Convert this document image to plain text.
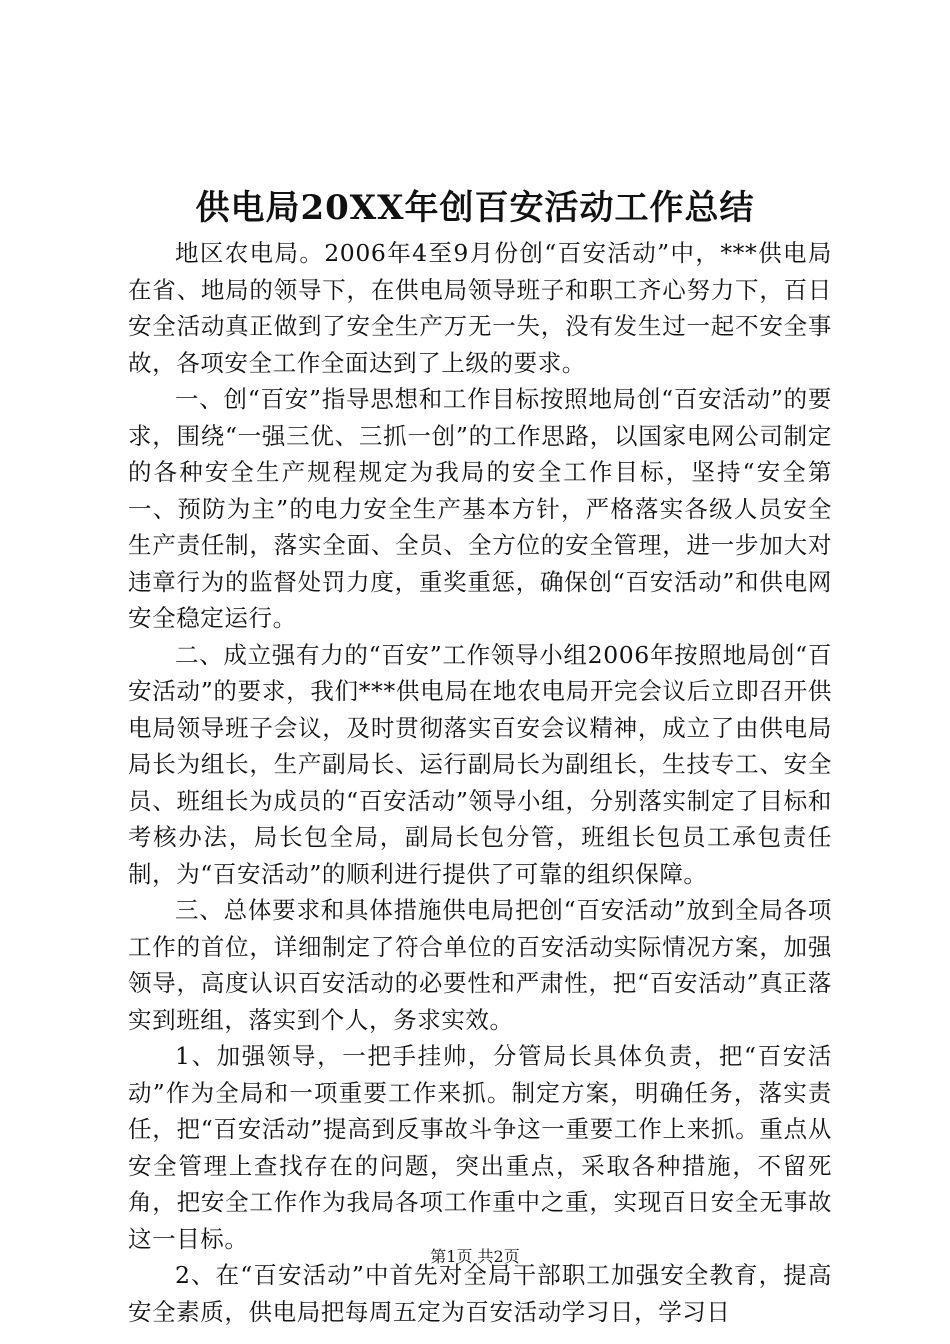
供电局20XX年创百安活动工作总结

地区农电局。2006年4至9月份创“百安活动”中，***供电局在省、地局的领导下，在供电局领导班子和职工齐心努力下，百日安全活动真正做到了安全生产万无一失，没有发生过一起不安全事故，各项安全工作全面达到了上级的要求。

一、创“百安”指导思想和工作目标按照地局创“百安活动”的要求，围绕“一强三优、三抓一创”的工作思路，以国家电网公司制定的各种安全生产规程规定为我局的安全工作目标，坚持“安全第一、预防为主”的电力安全生产基本方针，严格落实各级人员安全生产责任制，落实全面、全员、全方位的安全管理，进一步加大对违章行为的监督处罚力度，重奖重惩，确保创“百安活动”和供电网安全稳定运行。

二、成立强有力的“百安”工作领导小组2006年按照地局创“百安活动”的要求，我们***供电局在地农电局开完会议后立即召开供电局领导班子会议，及时贯彻落实百安会议精神，成立了由供电局局长为组长，生产副局长、运行副局长为副组长，生技专工、安全员、班组长为成员的“百安活动”领导小组，分别落实制定了目标和考核办法，局长包全局，副局长包分管，班组长包员工承包责任制，为“百安活动”的顺利进行提供了可靠的组织保障。

三、总体要求和具体措施供电局把创“百安活动”放到全局各项工作的首位，详细制定了符合单位的百安活动实际情况方案，加强领导，高度认识百安活动的必要性和严肃性，把“百安活动”真正落实到班组，落实到个人，务求实效。

1、加强领导，一把手挂帅，分管局长具体负责，把“百安活动”作为全局和一项重要工作来抓。制定方案，明确任务，落实责任，把“百安活动”提高到反事故斗争这一重要工作上来抓。重点从安全管理上查找存在的问题，突出重点，采取各种措施，不留死角，把安全工作作为我局各项工作重中之重，实现百日安全无事故这一目标。

2、在“百安活动”中首先对全局干部职工加强安全教育，提高安全素质，供电局把每周五定为百安活动学习日，学习日

第1页 共2页
